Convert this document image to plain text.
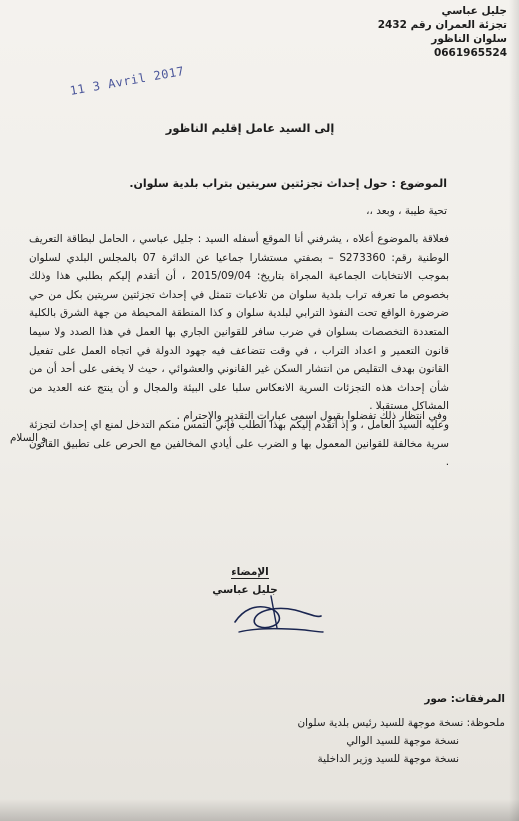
جليل عباسي
تجزئة العمران رقم 2432
سلوان الناظور
0661965524
11 3 Avril 2017
إلى السيد عامل إقليم الناظور
الموضوع : حول إحداث تجزئتين سريتين بتراب بلدية سلوان.
تحية طيبة ، وبعد ،،

فعلاقة بالموضوع أعلاه ، يشرفني أنا الموقع أسفله السيد : جليل عباسي ، الحامل لبطاقة التعريف الوطنية رقم: S273360 – بصفتي مستشارا جماعيا عن الدائرة 07 بالمجلس البلدي لسلوان بموجب الانتخابات الجماعية المجراة بتاريخ: 2015/09/04 ، أن أتقدم إليكم بطلبي هذا وذلك بخصوص ما تعرفه تراب بلدية سلوان من تلاعبات تتمثل في إحداث تجزئتين سريتين بكل من حي ضرضورة الواقع تحت النفوذ الترابي لبلدية سلوان و كذا المنطقة المحيطة من جهة الشرق بالكلية المتعددة التخصصات بسلوان في ضرب سافر للقوانين الجاري بها العمل في هذا الصدد ولا سيما قانون التعمير و اعداد التراب ، في وقت تتضاعف فيه جهود الدولة في اتجاه العمل على تفعيل القانون بهدف التقليص من انتشار السكن غير القانوني والعشوائي ، حيث لا يخفى على أحد أن من شأن إحداث هذه التجزئات السرية الانعكاس سلبا على البيئة والمجال و أن ينتج عنه العديد من المشاكل مستقبلا .

وعليه السيد العامل ، و إذ أتقدم إليكم بهذا الطلب فإني ألتمس منكم التدخل لمنع اي إحداث لتجزئة سرية مخالفة للقوانين المعمول بها و الضرب على أيادي المخالفين مع الحرص على تطبيق القانون .

وفي انتظار ذلك تفضلوا بقبول اسمى عبارات التقدير والاحترام .
و السلام
الإمضاء
جليل عباسي
المرفقات: صور
ملحوظة: نسخة موجهة للسيد رئيس بلدية سلوان
نسخة موجهة للسيد الوالي
نسخة موجهة للسيد وزير الداخلية
